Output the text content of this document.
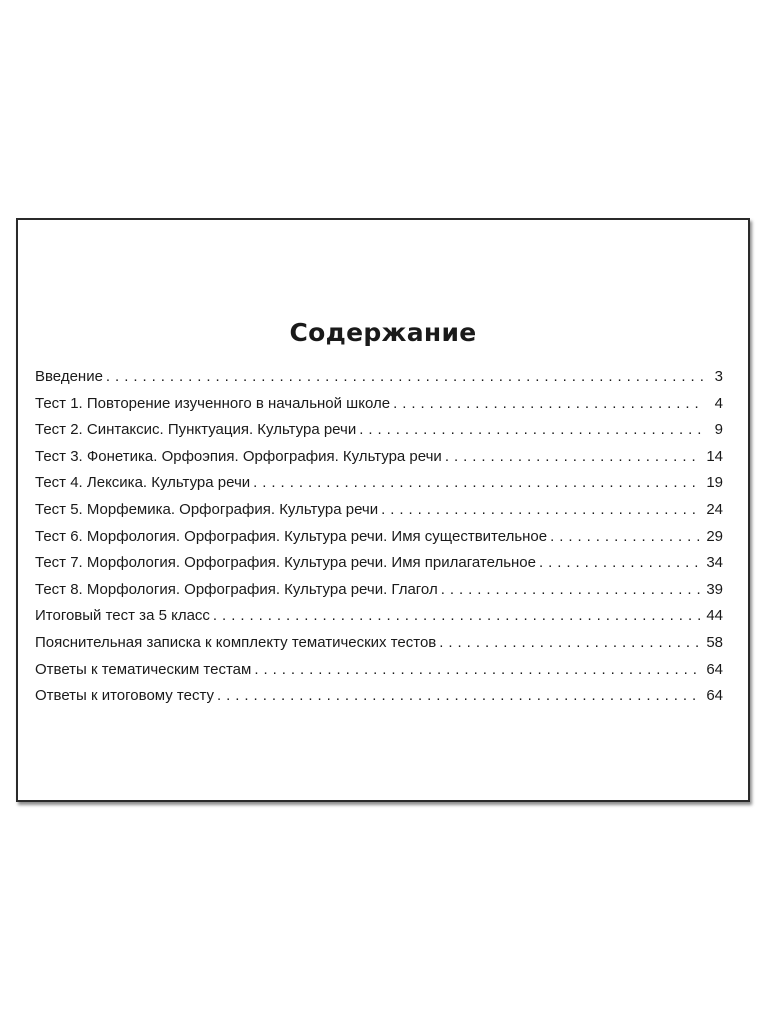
Содержание
Введение . . .	3
Тест 1. Повторение изученного в начальной школе . . .	4
Тест 2. Синтаксис. Пунктуация. Культура речи . . .	9
Тест 3. Фонетика. Орфоэпия. Орфография. Культура речи . . .	14
Тест 4. Лексика. Культура речи . . .	19
Тест 5. Морфемика. Орфография. Культура речи . . .	24
Тест 6. Морфология. Орфография. Культура речи. Имя существительное . . .	29
Тест 7. Морфология. Орфография. Культура речи. Имя прилагательное . . .	34
Тест 8. Морфология. Орфография. Культура речи. Глагол . . .	39
Итоговый тест за 5 класс . . .	44
Пояснительная записка к комплекту тематических тестов . . .	58
Ответы к тематическим тестам . . .	64
Ответы к итоговому тесту . . .	64
